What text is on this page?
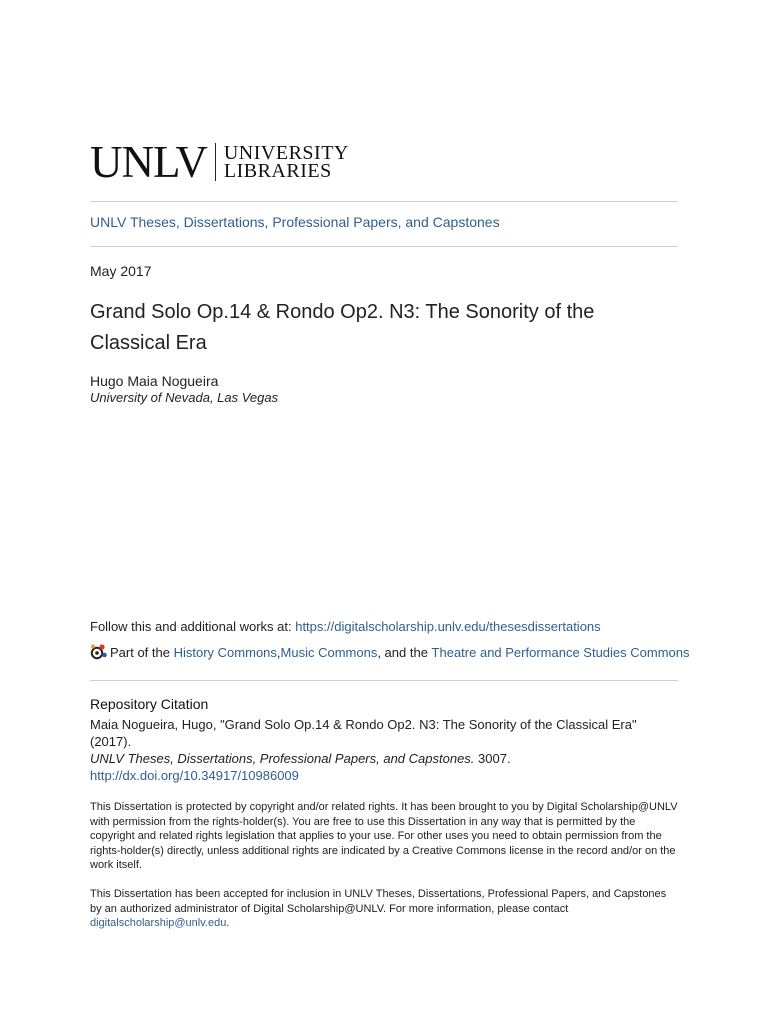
UNLV UNIVERSITY
LIBRARIES
UNLV Theses, Dissertations, Professional Papers, and Capstones
May 2017
Grand Solo Op.14 & Rondo Op2. N3: The Sonority of the Classical Era
Hugo Maia Nogueira
University of Nevada, Las Vegas
Follow this and additional works at: https://digitalscholarship.unlv.edu/thesesdissertations
Part of the
History Commons , Music Commons , and the Theatre and Performance Studies Commons
Repository Citation
Maia Nogueira, Hugo, "Grand Solo Op.14 & Rondo Op2. N3: The Sonority of the Classical Era" (2017).
UNLV Theses, Dissertations, Professional Papers, and Capstones. 3007.
http://dx.doi.org/10.34917/10986009
This Dissertation is protected by copyright and/or related rights. It has been brought to you by Digital Scholarship@UNLV with permission from the rights-holder(s). You are free to use this Dissertation in any way that is permitted by the copyright and related rights legislation that applies to your use. For other uses you need to obtain permission from the rights-holder(s) directly, unless additional rights are indicated by a Creative Commons license in the record and/or on the work itself.
This Dissertation has been accepted for inclusion in UNLV Theses, Dissertations, Professional Papers, and Capstones by an authorized administrator of Digital Scholarship@UNLV. For more information, please contact digitalscholarship@unlv.edu.
